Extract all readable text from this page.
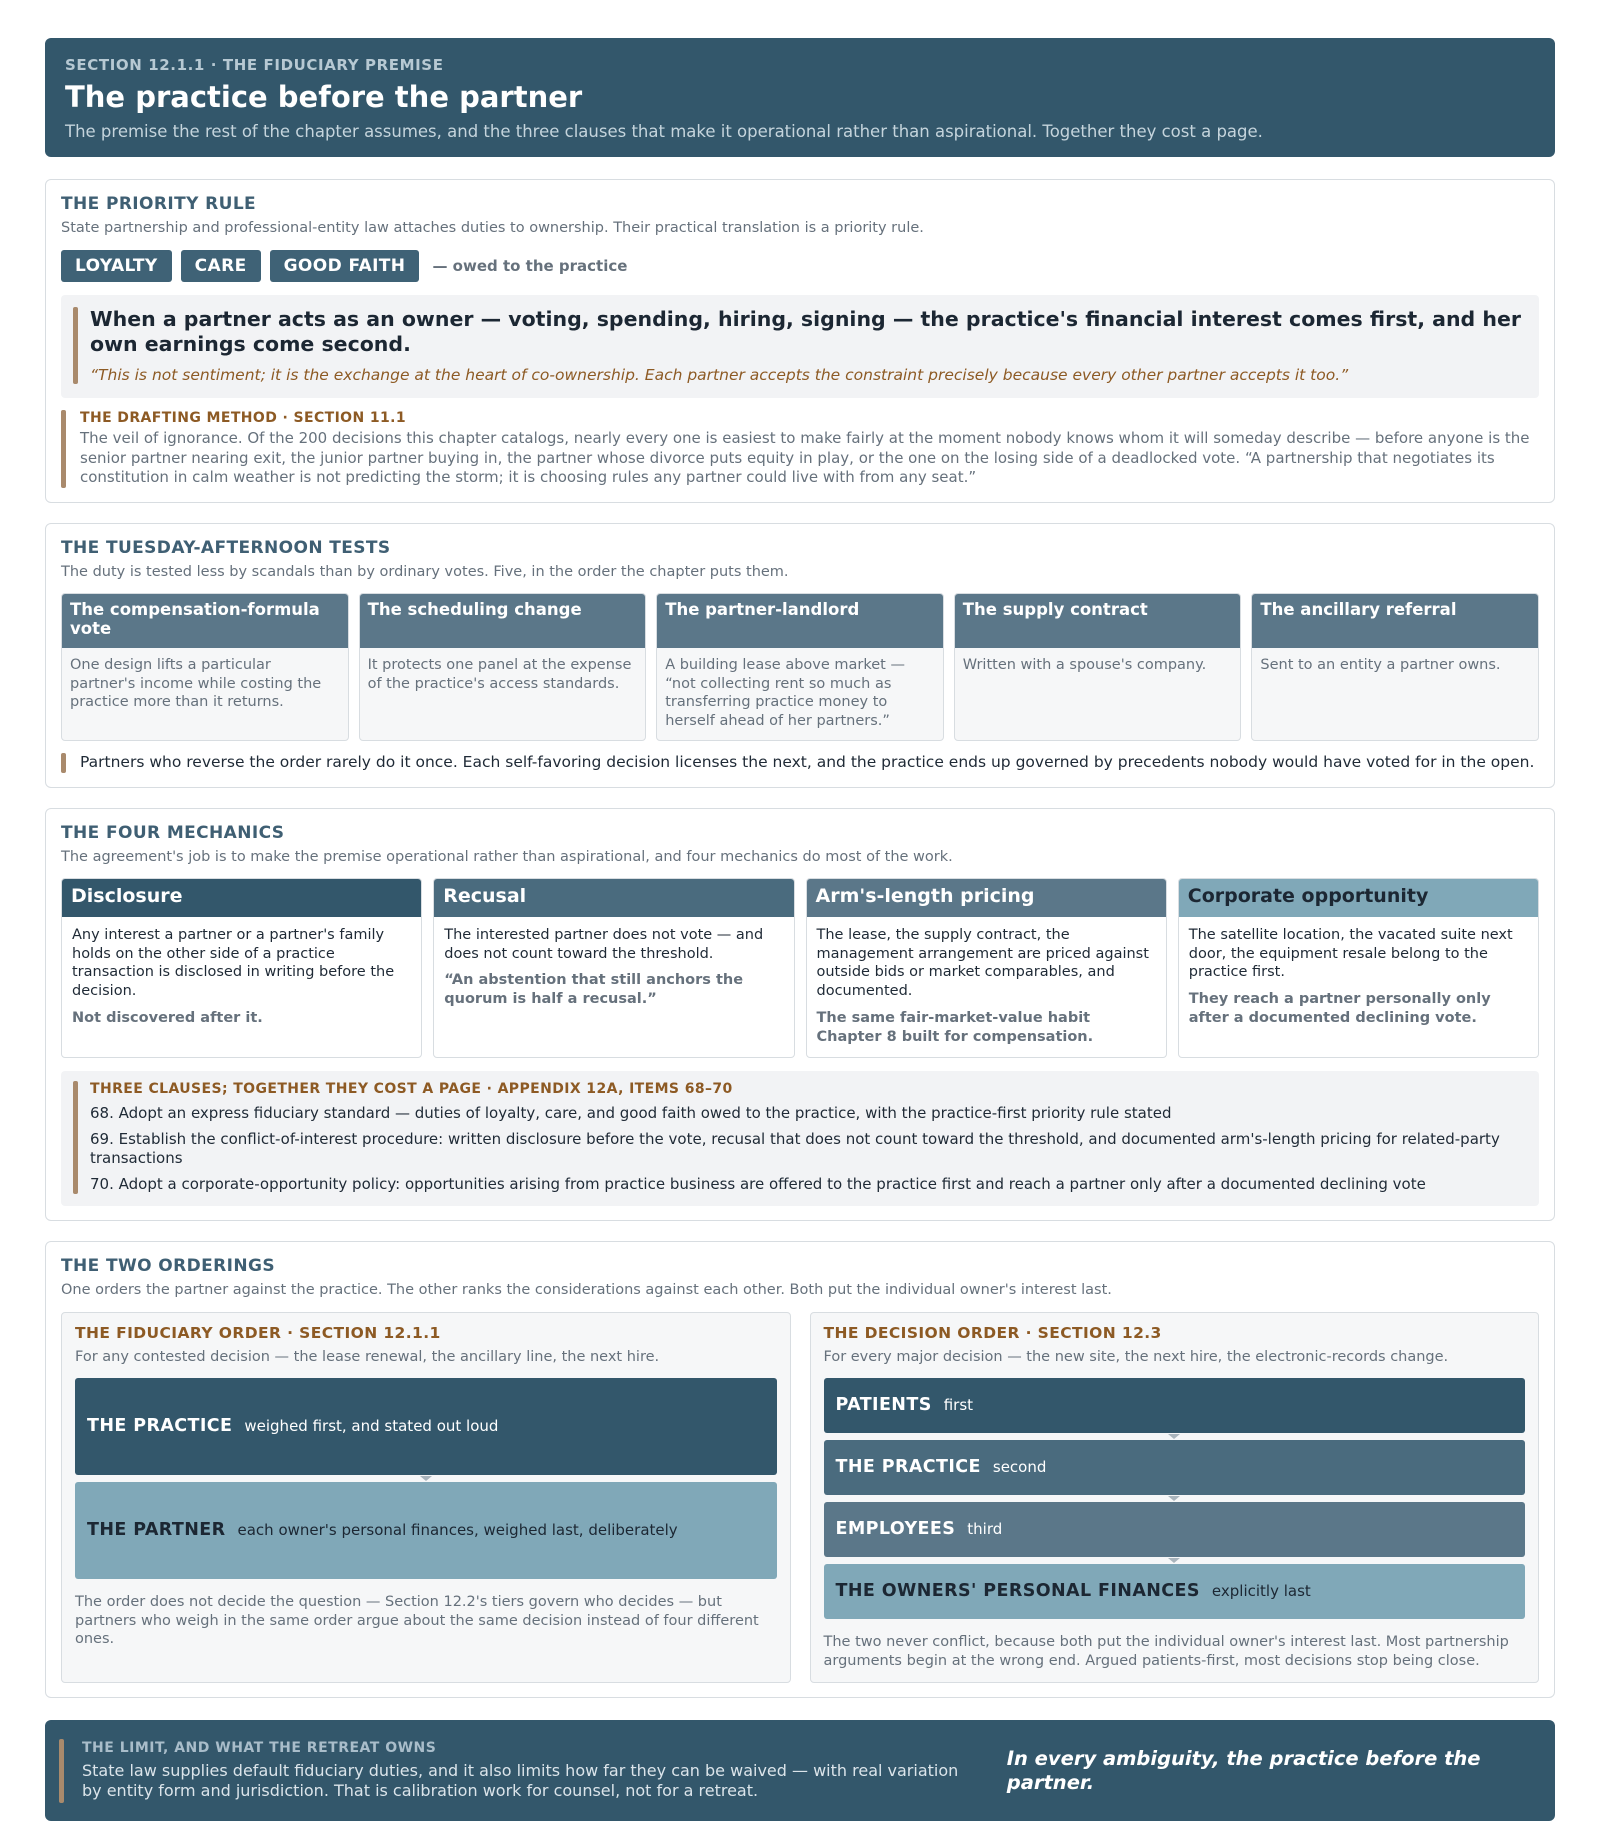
SECTION 12.1.1 · THE FIDUCIARY PREMISE
The practice before the partner
The premise the rest of the chapter assumes, and the three clauses that make it operational rather than aspirational. Together they cost a page.
THE PRIORITY RULE
State partnership and professional-entity law attaches duties to ownership. Their practical translation is a priority rule.
LOYALTY	CARE	GOOD FAITH	— owed to the practice
When a partner acts as an owner — voting, spending, hiring, signing — the practice's financial interest comes first, and her own earnings come second.
“This is not sentiment; it is the exchange at the heart of co-ownership. Each partner accepts the constraint precisely because every other partner accepts it too.”
THE DRAFTING METHOD · SECTION 11.1
The veil of ignorance. Of the 200 decisions this chapter catalogs, nearly every one is easiest to make fairly at the moment nobody knows whom it will someday describe — before anyone is the senior partner nearing exit, the junior partner buying in, the partner whose divorce puts equity in play, or the one on the losing side of a deadlocked vote. “A partnership that negotiates its constitution in calm weather is not predicting the storm; it is choosing rules any partner could live with from any seat.”
THE TUESDAY-AFTERNOON TESTS
The duty is tested less by scandals than by ordinary votes. Five, in the order the chapter puts them.
The compensation-formula vote
One design lifts a particular partner's income while costing the practice more than it returns.
The scheduling change
It protects one panel at the expense of the practice's access standards.
The partner-landlord
A building lease above market — “not collecting rent so much as transferring practice money to herself ahead of her partners.”
The supply contract
Written with a spouse's company.
The ancillary referral
Sent to an entity a partner owns.
Partners who reverse the order rarely do it once. Each self-favoring decision licenses the next, and the practice ends up governed by precedents nobody would have voted for in the open.
THE FOUR MECHANICS
The agreement's job is to make the premise operational rather than aspirational, and four mechanics do most of the work.
Disclosure
Any interest a partner or a partner's family holds on the other side of a practice transaction is disclosed in writing before the decision.
Not discovered after it.
Recusal
The interested partner does not vote — and does not count toward the threshold.
“An abstention that still anchors the quorum is half a recusal.”
Arm's-length pricing
The lease, the supply contract, the management arrangement are priced against outside bids or market comparables, and documented.
The same fair-market-value habit Chapter 8 built for compensation.
Corporate opportunity
The satellite location, the vacated suite next door, the equipment resale belong to the practice first.
They reach a partner personally only after a documented declining vote.
THREE CLAUSES; TOGETHER THEY COST A PAGE · APPENDIX 12A, ITEMS 68–70
68. Adopt an express fiduciary standard — duties of loyalty, care, and good faith owed to the practice, with the practice-first priority rule stated
69. Establish the conflict-of-interest procedure: written disclosure before the vote, recusal that does not count toward the threshold, and documented arm's-length pricing for related-party transactions
70. Adopt a corporate-opportunity policy: opportunities arising from practice business are offered to the practice first and reach a partner only after a documented declining vote
THE TWO ORDERINGS
One orders the partner against the practice. The other ranks the considerations against each other. Both put the individual owner's interest last.
THE FIDUCIARY ORDER · SECTION 12.1.1
For any contested decision — the lease renewal, the ancillary line, the next hire.
THE PRACTICE weighed first, and stated out loud
THE PARTNER each owner's personal finances, weighed last, deliberately
The order does not decide the question — Section 12.2's tiers govern who decides — but partners who weigh in the same order argue about the same decision instead of four different ones.
THE DECISION ORDER · SECTION 12.3
For every major decision — the new site, the next hire, the electronic-records change.
PATIENTS first
THE PRACTICE second
EMPLOYEES third
THE OWNERS' PERSONAL FINANCES explicitly last
The two never conflict, because both put the individual owner's interest last. Most partnership arguments begin at the wrong end. Argued patients-first, most decisions stop being close.
THE LIMIT, AND WHAT THE RETREAT OWNS
State law supplies default fiduciary duties, and it also limits how far they can be waived — with real variation by entity form and jurisdiction. That is calibration work for counsel, not for a retreat.
In every ambiguity, the practice before the partner.
